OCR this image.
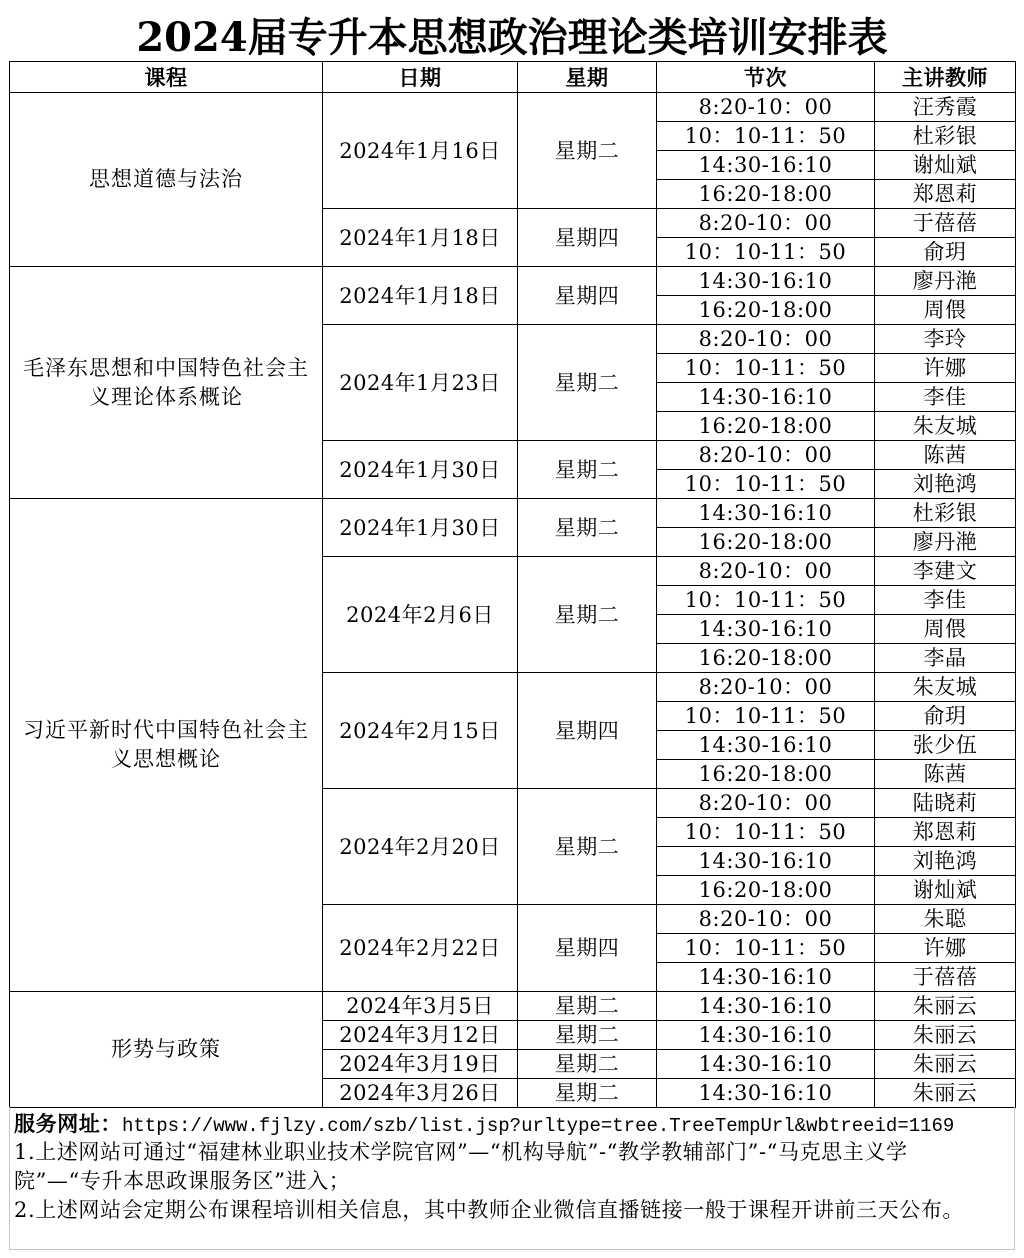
2024届专升本思想政治理论类培训安排表
课程	日期	星期	节次	主讲教师

思想道德与法治	2024年1月16日	星期二	8:20-10：00	汪秀霞
			10：10-11：50	杜彩银
			14:30-16:10	谢灿斌
			16:20-18:00	郑恩莉
	2024年1月18日	星期四	8:20-10：00	于蓓蓓
			10：10-11：50	俞玥

毛泽东思想和中国特色社会主
义理论体系概论	2024年1月18日	星期四	14:30-16:10	廖丹滟
			16:20-18:00	周偎
	2024年1月23日	星期二	8:20-10：00	李玲
			10：10-11：50	许娜
			14:30-16:10	李佳
			16:20-18:00	朱友城
	2024年1月30日	星期二	8:20-10：00	陈茜
			10：10-11：50	刘艳鸿

习近平新时代中国特色社会主
义思想概论	2024年1月30日	星期二	14:30-16:10	杜彩银
			16:20-18:00	廖丹滟
	2024年2月6日	星期二	8:20-10：00	李建文
			10：10-11：50	李佳
			14:30-16:10	周偎
			16:20-18:00	李晶
	2024年2月15日	星期四	8:20-10：00	朱友城
			10：10-11：50	俞玥
			14:30-16:10	张少伍
			16:20-18:00	陈茜
	2024年2月20日	星期二	8:20-10：00	陆晓莉
			10：10-11：50	郑恩莉
			14:30-16:10	刘艳鸿
			16:20-18:00	谢灿斌
	2024年2月22日	星期四	8:20-10：00	朱聪
			10：10-11：50	许娜
			14:30-16:10	于蓓蓓

形势与政策	2024年3月5日	星期二	14:30-16:10	朱丽云
	2024年3月12日	星期二	14:30-16:10	朱丽云
	2024年3月19日	星期二	14:30-16:10	朱丽云
	2024年3月26日	星期二	14:30-16:10	朱丽云
服务网址：https://www.fjlzy.com/szb/list.jsp?urltype=tree.TreeTempUrl&wbtreeid=1169
1.上述网站可通过“福建林业职业技术学院官网”—“机构导航”-“教学教辅部门”-“马克思主义学
院”—“专升本思政课服务区”进入；
2.上述网站会定期公布课程培训相关信息，其中教师企业微信直播链接一般于课程开讲前三天公布。
